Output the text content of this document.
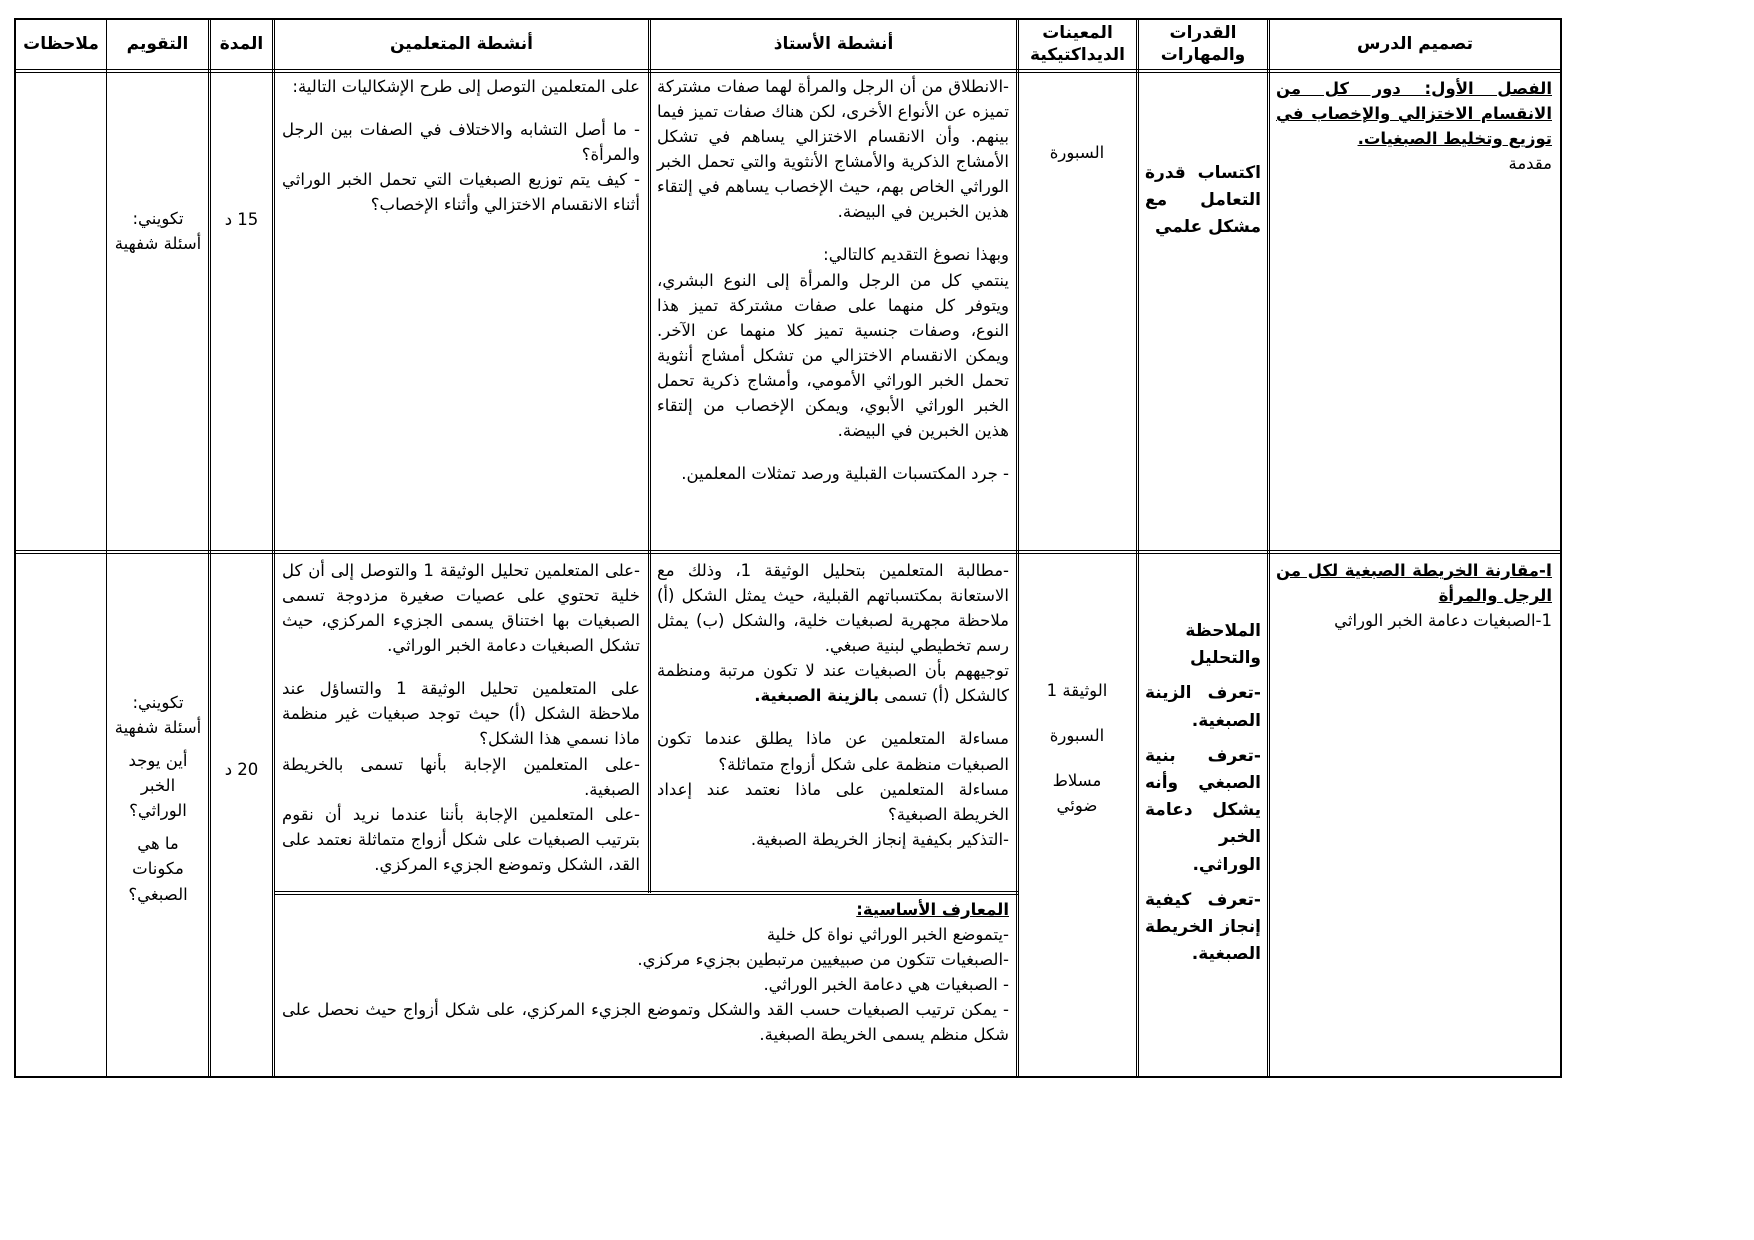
تصميم الدرس
القدرات والمهارات
المعينات الديداكتيكية
أنشطة الأستاذ
أنشطة المتعلمين
المدة
التقويم
ملاحظات

الفصل الأول: دور كل من الانقسام الاختزالي والإخصاب في توزيع وتخليط الصبغيات.

مقدمة

اكتساب قدرة التعامل مع مشكل علمي

السبورة

-الانطلاق من أن الرجل والمرأة لهما صفات مشتركة تميزه عن الأنواع الأخرى، لكن هناك صفات تميز فيما بينهم. وأن الانقسام الاختزالي يساهم في تشكل الأمشاج الذكرية والأمشاج الأنثوية والتي تحمل الخبر الوراثي الخاص بهم، حيث الإخصاب يساهم في إلتقاء هذين الخبرين في البيضة.

وبهذا نصوغ التقديم كالتالي:

ينتمي كل من الرجل والمرأة إلى النوع البشري، ويتوفر كل منهما على صفات مشتركة تميز هذا النوع، وصفات جنسية تميز كلا منهما عن الآخر. ويمكن الانقسام الاختزالي من تشكل أمشاج أنثوية تحمل الخبر الوراثي الأمومي، وأمشاج ذكرية تحمل الخبر الوراثي الأبوي، ويمكن الإخصاب من إلتقاء هذين الخبرين في البيضة.

- جرد المكتسبات القبلية ورصد تمثلات المعلمين.

على المتعلمين التوصل إلى طرح الإشكاليات التالية:

- ما أصل التشابه والاختلاف في الصفات بين الرجل والمرأة؟

- كيف يتم توزيع الصبغيات التي تحمل الخبر الوراثي أثناء الانقسام الاختزالي وأثناء الإخصاب؟

15 د

تكويني:

أسئلة شفهية

I-مقارنة الخريطة الصبغية لكل من الرجل والمرأة

1-الصبغيات دعامة الخبر الوراثي

الملاحظة والتحليل

-تعرف الزينة الصبغية.

-تعرف بنية الصبغي وأنه يشكل دعامة الخبر الوراثي.

-تعرف كيفية إنجاز الخريطة الصبغية.

الوثيقة 1

السبورة

مسلاط ضوئي

-مطالبة المتعلمين بتحليل الوثيقة 1، وذلك مع الاستعانة بمكتسباتهم القبلية، حيث يمثل الشكل (أ) ملاحظة مجهرية لصبغيات خلية، والشكل (ب) يمثل رسم تخطيطي لبنية صبغي.

توجيههم بأن الصبغيات عند لا تكون مرتبة ومنظمة كالشكل (أ) تسمى بالزينة الصبغية.

مساءلة المتعلمين عن ماذا يطلق عندما تكون الصبغيات منظمة على شكل أزواج متماثلة؟

مساءلة المتعلمين على ماذا نعتمد عند إعداد الخريطة الصبغية؟

-التذكير بكيفية إنجاز الخريطة الصبغية.

-على المتعلمين تحليل الوثيقة 1 والتوصل إلى أن كل خلية تحتوي على عصيات صغيرة مزدوجة تسمى الصبغيات بها اختناق يسمى الجزيء المركزي، حيث تشكل الصبغيات دعامة الخبر الوراثي.

على المتعلمين تحليل الوثيقة 1 والتساؤل عند ملاحظة الشكل (أ) حيث توجد صبغيات غير منظمة ماذا نسمي هذا الشكل؟

-على المتعلمين الإجابة بأنها تسمى بالخريطة الصبغية.

-على المتعلمين الإجابة بأننا عندما نريد أن نقوم بترتيب الصبغيات على شكل أزواج متماثلة نعتمد على القد، الشكل وتموضع الجزيء المركزي.

المعارف الأساسية:

-يتموضع الخبر الوراثي نواة كل خلية

-الصبغيات تتكون من صبيغيين مرتبطين بجزيء مركزي.

- الصبغيات هي دعامة الخبر الوراثي.

- يمكن ترتيب الصبغيات حسب القد والشكل وتموضع الجزيء المركزي، على شكل أزواج حيث نحصل على شكل منظم يسمى الخريطة الصبغية.

20 د

تكويني:

أسئلة شفهية

أين يوجد الخبر الوراثي؟

ما هي مكونات الصبغي؟
